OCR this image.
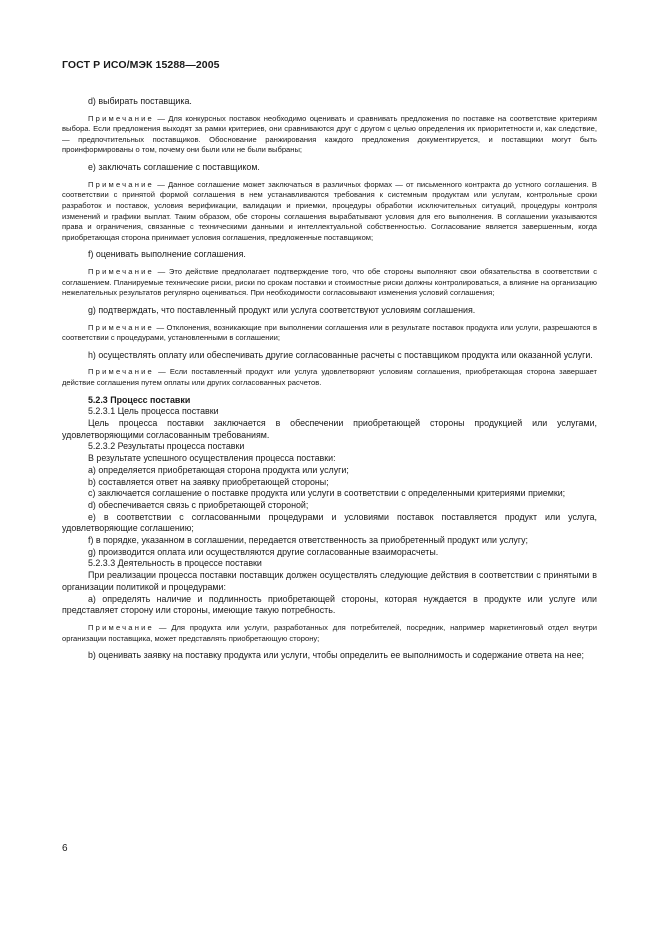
ГОСТ Р ИСО/МЭК 15288—2005

d) выбирать поставщика.

Примечание — Для конкурсных поставок необходимо оценивать и сравнивать предложения по поставке на соответствие критериям выбора. Если предложения выходят за рамки критериев, они сравниваются друг с другом с целью определения их приоритетности и, как следствие, — предпочтительных поставщиков. Обоснование ранжирования каждого предложения документируется, и поставщики могут быть проинформированы о том, почему они были или не были выбраны;

e) заключать соглашение с поставщиком.

Примечание — Данное соглашение может заключаться в различных формах — от письменного контракта до устного соглашения. В соответствии с принятой формой соглашения в нем устанавливаются требования к системным продуктам или услугам, контрольные сроки разработок и поставок, условия верификации, валидации и приемки, процедуры обработки исключительных ситуаций, процедуры контроля изменений и графики выплат. Таким образом, обе стороны соглашения вырабатывают условия для его выполнения. В соглашении указываются права и ограничения, связанные с техническими данными и интеллектуальной собственностью. Согласование является завершенным, когда приобретающая сторона принимает условия соглашения, предложенные поставщиком;

f) оценивать выполнение соглашения.

Примечание — Это действие предполагает подтверждение того, что обе стороны выполняют свои обязательства в соответствии с соглашением. Планируемые технические риски, риски по срокам поставки и стоимостные риски должны контролироваться, а влияние на организацию нежелательных результатов регулярно оцениваться. При необходимости согласовывают изменения условий соглашения;

g) подтверждать, что поставленный продукт или услуга соответствуют условиям соглашения.

Примечание — Отклонения, возникающие при выполнении соглашения или в результате поставок продукта или услуги, разрешаются в соответствии с процедурами, установленными в соглашении;

h) осуществлять оплату или обеспечивать другие согласованные расчеты с поставщиком продукта или оказанной услуги.

Примечание — Если поставленный продукт или услуга удовлетворяют условиям соглашения, приобретающая сторона завершает действие соглашения путем оплаты или других согласованных расчетов.

5.2.3 Процесс поставки

5.2.3.1 Цель процесса поставки

Цель процесса поставки заключается в обеспечении приобретающей стороны продукцией или услугами, удовлетворяющими согласованным требованиям.

5.2.3.2 Результаты процесса поставки

В результате успешного осуществления процесса поставки:

а) определяется приобретающая сторона продукта или услуги;

b) составляется ответ на заявку приобретающей стороны;

c) заключается соглашение о поставке продукта или услуги в соответствии с определенными критериями приемки;

d) обеспечивается связь с приобретающей стороной;

e) в соответствии с согласованными процедурами и условиями поставок поставляется продукт или услуга, удовлетворяющие соглашению;

f) в порядке, указанном в соглашении, передается ответственность за приобретенный продукт или услугу;

g) производится оплата или осуществляются другие согласованные взаиморасчеты.

5.2.3.3 Деятельность в процессе поставки

При реализации процесса поставки поставщик должен осуществлять следующие действия в соответствии с принятыми в организации политикой и процедурами:

а) определять наличие и подлинность приобретающей стороны, которая нуждается в продукте или услуге или представляет сторону или стороны, имеющие такую потребность.

Примечание — Для продукта или услуги, разработанных для потребителей, посредник, например маркетинговый отдел внутри организации поставщика, может представлять приобретающую сторону;

b) оценивать заявку на поставку продукта или услуги, чтобы определить ее выполнимость и содержание ответа на нее;

6
